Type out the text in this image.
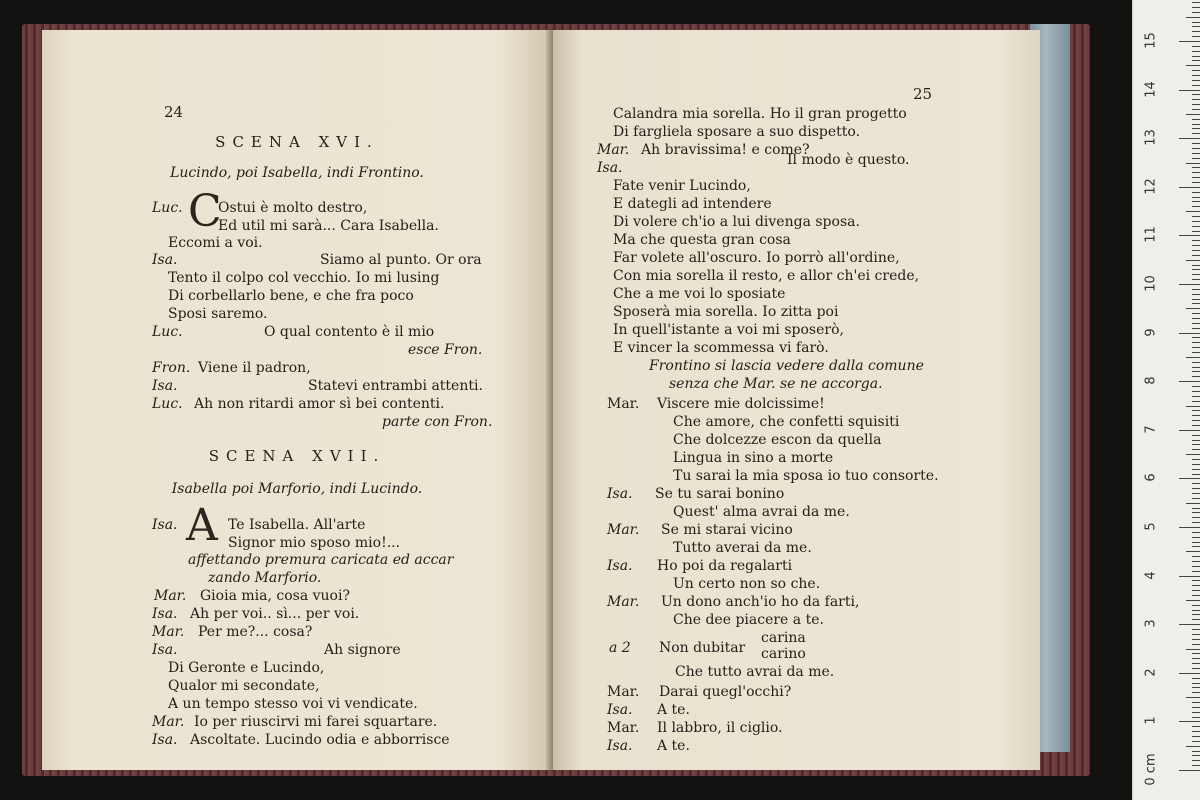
24
SCENA XVI.
Lucindo, poi Isabella, indi Frontino.
C
Luc.	Ostui è molto destro,
Ed util mi sarà... Cara Isabella.
Eccomi a voi.
Isa.	Siamo al punto. Or ora
Tento il colpo col vecchio. Io mi lusing
Di corbellarlo bene, e che fra poco
Sposi saremo.
Luc.	O qual contento è il mio
esce Fron.
Fron. Viene il padron,
Isa.	Statevi entrambi attenti.
Luc. Ah non ritardi amor sì bei contenti.
parte con Fron.
SCENA XVII.
Isabella poi Marforio, indi Lucindo.
Isa. A Te Isabella. All'arte
Signor mio sposo mio!...
affettando premura caricata ed accar
zando Marforio.
Mar. Gioia mia, cosa vuoi?
Isa. Ah per voi.. sì... per voi.
Mar. Per me?... cosa?
Isa.	Ah signore
Di Geronte e Lucindo,
Qualor mi secondate,
A un tempo stesso voi vi vendicate.
Mar. Io per riuscirvi mi farei squartare.
Isa. Ascoltate. Lucindo odia e abborrisce
25
Calandra mia sorella. Ho il gran progetto
Di fargliela sposare a suo dispetto.
Mar. Ah bravissima! e come?
Isa.	Il modo è questo.
Fate venir Lucindo,
E dategli ad intendere
Di volere ch'io a lui divenga sposa.
Ma che questa gran cosa
Far volete all'oscuro. Io porrò all'ordine,
Con mia sorella il resto, e allor ch'ei crede,
Che a me voi lo sposiate
Sposerà mia sorella. Io zitta poi
In quell'istante a voi mi sposerò,
E vincer la scommessa vi farò.
Frontino si lascia vedere dalla comune
senza che Mar. se ne accorga.
Mar. Viscere mie dolcissime!
Che amore, che confetti squisiti
Che dolcezze escon da quella
Lingua in sino a morte
Tu sarai la mia sposa io tuo consorte.
Isa. Se tu sarai bonino
Quest' alma avrai da me.
Mar. Se mi starai vicino
Tutto averai da me.
Isa. Ho poi da regalarti
Un certo non so che.
Mar. Un dono anch'io ho da farti,
Che dee piacere a te.
a 2 Non dubitar
carina
carino
Che tutto avrai da me.
Mar. Darai quegl'occhi?
Isa. A te.
Mar. Il labbro, il ciglio.
Isa. A te.
0 cm
1
2
3
4
5
6
7
8
9
10
11
12
13
14
15
